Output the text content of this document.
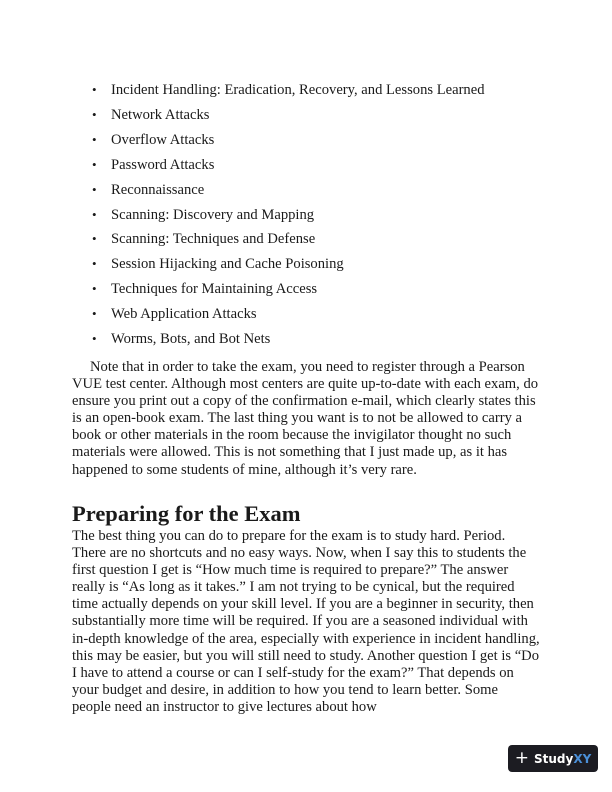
• Incident Handling: Eradication, Recovery, and Lessons Learned
• Network Attacks
• Overflow Attacks
• Password Attacks
• Reconnaissance
• Scanning: Discovery and Mapping
• Scanning: Techniques and Defense
• Session Hijacking and Cache Poisoning
• Techniques for Maintaining Access
• Web Application Attacks
• Worms, Bots, and Bot Nets

Note that in order to take the exam, you need to register through a Pearson VUE test center. Although most centers are quite up-to-date with each exam, do ensure you print out a copy of the confirmation e-mail, which clearly states this is an open-book exam. The last thing you want is to not be allowed to carry a book or other materials in the room because the invigilator thought no such materials were allowed. This is not something that I just made up, as it has happened to some students of mine, although it’s very rare.

Preparing for the Exam

The best thing you can do to prepare for the exam is to study hard. Period. There are no shortcuts and no easy ways. Now, when I say this to students the first question I get is “How much time is required to prepare?” The answer really is “As long as it takes.” I am not trying to be cynical, but the required time actually depends on your skill level. If you are a beginner in security, then substantially more time will be required. If you are a seasoned individual with in-depth knowledge of the area, especially with experience in incident handling, this may be easier, but you will still need to study. Another question I get is “Do I have to attend a course or can I self-study for the exam?” That depends on your budget and desire, in addition to how you tend to learn better. Some people need an instructor to give lectures about how

+ Study XY
